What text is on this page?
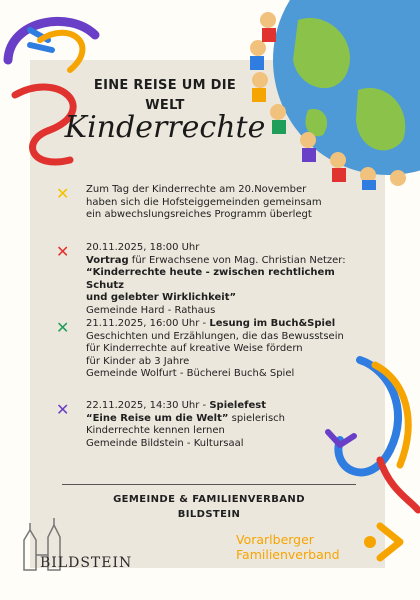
EINE REISE UM DIE
WELT
Kinderrechte
✕ Zum Tag der Kinderrechte am 20.November
haben sich die Hofsteiggemeinden gemeinsam
ein abwechslungsreiches Programm überlegt
✕ 20.11.2025, 18:00 Uhr
Vortrag für Erwachsene von Mag. Christian Netzer:
“Kinderrechte heute - zwischen rechtlichem Schutz
und gelebter Wirklichkeit”
Gemeinde Hard - Rathaus
✕ 21.11.2025, 16:00 Uhr - Lesung im Buch&Spiel
Geschichten und Erzählungen, die das Bewusstsein
für Kinderrechte auf kreative Weise fördern
für Kinder ab 3 Jahre
Gemeinde Wolfurt - Bücherei Buch& Spiel
✕ 22.11.2025, 14:30 Uhr - Spielefest
“Eine Reise um die Welt” spielerisch
Kinderrechte kennen lernen
Gemeinde Bildstein - Kultursaal
GEMEINDE & FAMILIENVERBAND
BILDSTEIN
BILDSTEIN
Vorarlberger
Familienverband
